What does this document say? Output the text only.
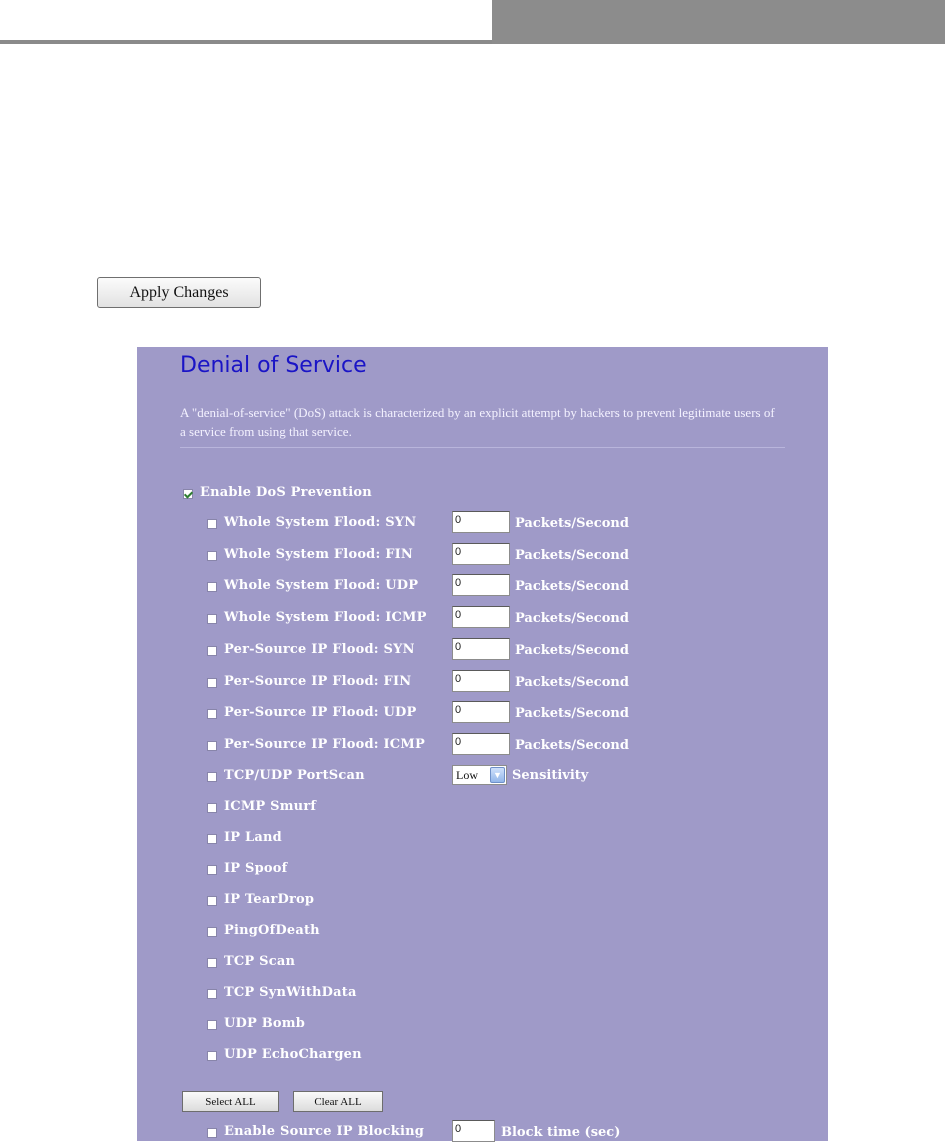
Apply Changes
Denial of Service

A "denial-of-service" (DoS) attack is characterized by an explicit attempt by hackers to prevent legitimate users of a service from using that service.

Enable DoS Prevention
Whole System Flood: SYN	0	Packets/Second
Whole System Flood: FIN	0	Packets/Second
Whole System Flood: UDP	0	Packets/Second
Whole System Flood: ICMP	0	Packets/Second
Per-Source IP Flood: SYN	0	Packets/Second
Per-Source IP Flood: FIN	0	Packets/Second
Per-Source IP Flood: UDP	0	Packets/Second
Per-Source IP Flood: ICMP	0	Packets/Second
TCP/UDP PortScan	Low	▼ Sensitivity
ICMP Smurf
IP Land
IP Spoof
IP TearDrop
PingOfDeath
TCP Scan
TCP SynWithData
UDP Bomb
UDP EchoChargen
Select ALL	Clear ALL
Enable Source IP Blocking	0	Block time (sec)
